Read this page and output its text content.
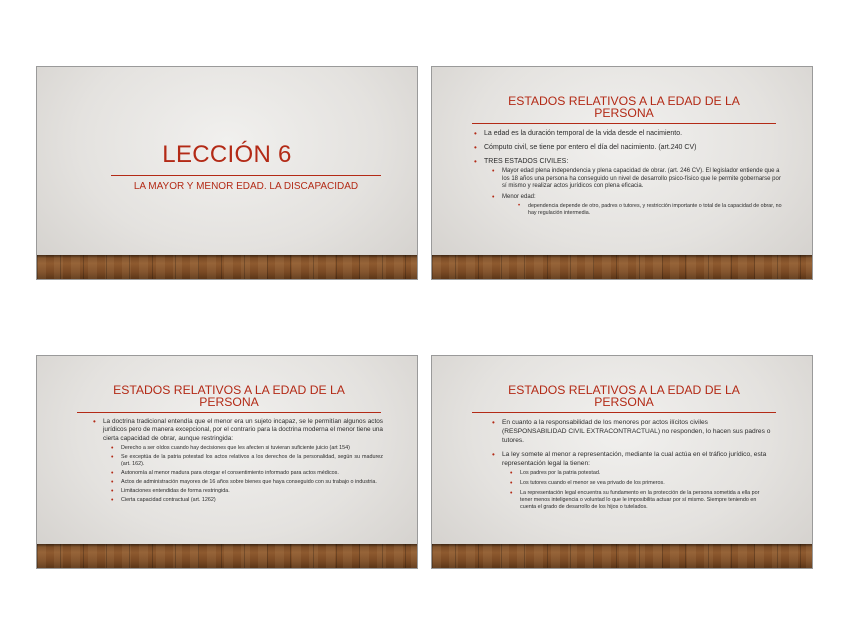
LECCIÓN 6
LA MAYOR Y MENOR EDAD. LA DISCAPACIDAD
ESTADOS RELATIVOS A LA EDAD DE LA
PERSONA
• La edad es la duración temporal de la vida desde el nacimiento.
• Cómputo civil, se tiene por entero el día del nacimiento. (art.240 CV)
• TRES ESTADOS CIVILES:
• Mayor edad plena independencia y plena capacidad de obrar. (art. 246 CV). El legislador entiende que a los 18 años una persona ha conseguido un nivel de desarrollo psico-físico que le permite gobernarse por sí mismo y realizar actos jurídicos con plena eficacia.
• Menor edad:
• dependencia depende de otro, padres o tutores, y restricción importante o total de la capacidad de obrar, no hay regulación intermedia.
ESTADOS RELATIVOS A LA EDAD DE LA
PERSONA
• La doctrina tradicional entendía que el menor era un sujeto incapaz, se le permitían algunos actos jurídicos pero de manera excepcional, por el contrario para la doctrina moderna el menor tiene una cierta capacidad de obrar, aunque restringida:
• Derecho a ser oídos cuando hay decisiones que les afecten si tuvieran suficiente juicio (art 154)
• Se exceptúa de la patria potestad los actos relativos a los derechos de la personalidad, según su madurez (art. 162).
• Autonomía al menor madura para otorgar el consentimiento informado para actos médicos.
• Actos de administración mayores de 16 años sobre bienes que haya conseguido con su trabajo o industria.
• Limitaciones entendidas de forma restringida.
• Cierta capacidad contractual (art. 1262)
ESTADOS RELATIVOS A LA EDAD DE LA
PERSONA
• En cuanto a la responsabilidad de los menores por actos ilícitos civiles (RESPONSABILIDAD CIVIL EXTRACONTRACTUAL) no responden, lo hacen sus padres o tutores.
• La ley somete al menor a representación, mediante la cual actúa en el tráfico jurídico, esta representación legal la tienen:
• Los padres por la patria potestad.
• Los tutores cuando el menor se vea privado de los primeros.
• La representación legal encuentra su fundamento en la protección de la persona sometida a ella por tener menos inteligencia o voluntad lo que le imposibilita actuar por sí mismo. Siempre teniendo en cuenta el grado de desarrollo de los hijos o tutelados.
